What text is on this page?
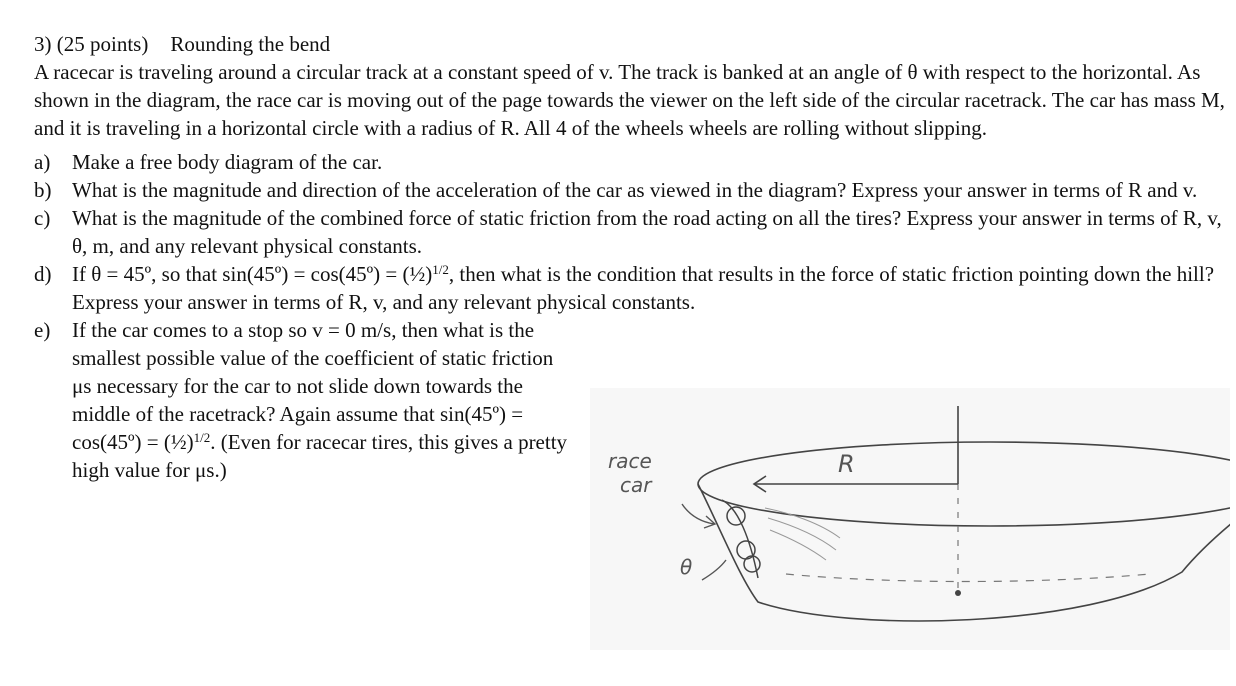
3) (25 points) Rounding the bend

A racecar is traveling around a circular track at a constant speed of v. The track is banked at an angle of θ with respect to the horizontal. As shown in the diagram, the race car is moving out of the page towards the viewer on the left side of the circular racetrack. The car has mass M, and it is traveling in a horizontal circle with a radius of R. All 4 of the wheels wheels are rolling without slipping.

a) Make a free body diagram of the car.
b) What is the magnitude and direction of the acceleration of the car as viewed in the diagram? Express your answer in terms of R and v.
c) What is the magnitude of the combined force of static friction from the road acting on all the tires? Express your answer in terms of R, v, θ, m, and any relevant physical constants.
d) If θ = 45º, so that sin(45º) = cos(45º) = (½)$^{1/2}$, then what is the condition that results in the force of static friction pointing down the hill? Express your answer in terms of R, v, and any relevant physical constants.
e) If the car comes to a stop so v = 0 m/s, then what is the smallest possible value of the coefficient of static friction μs necessary for the car to not slide down towards the middle of the racetrack? Again assume that sin(45º) = cos(45º) = (½)$^{1/2}$. (Even for racecar tires, this gives a pretty high value for μs.)	race
car
R
θ
